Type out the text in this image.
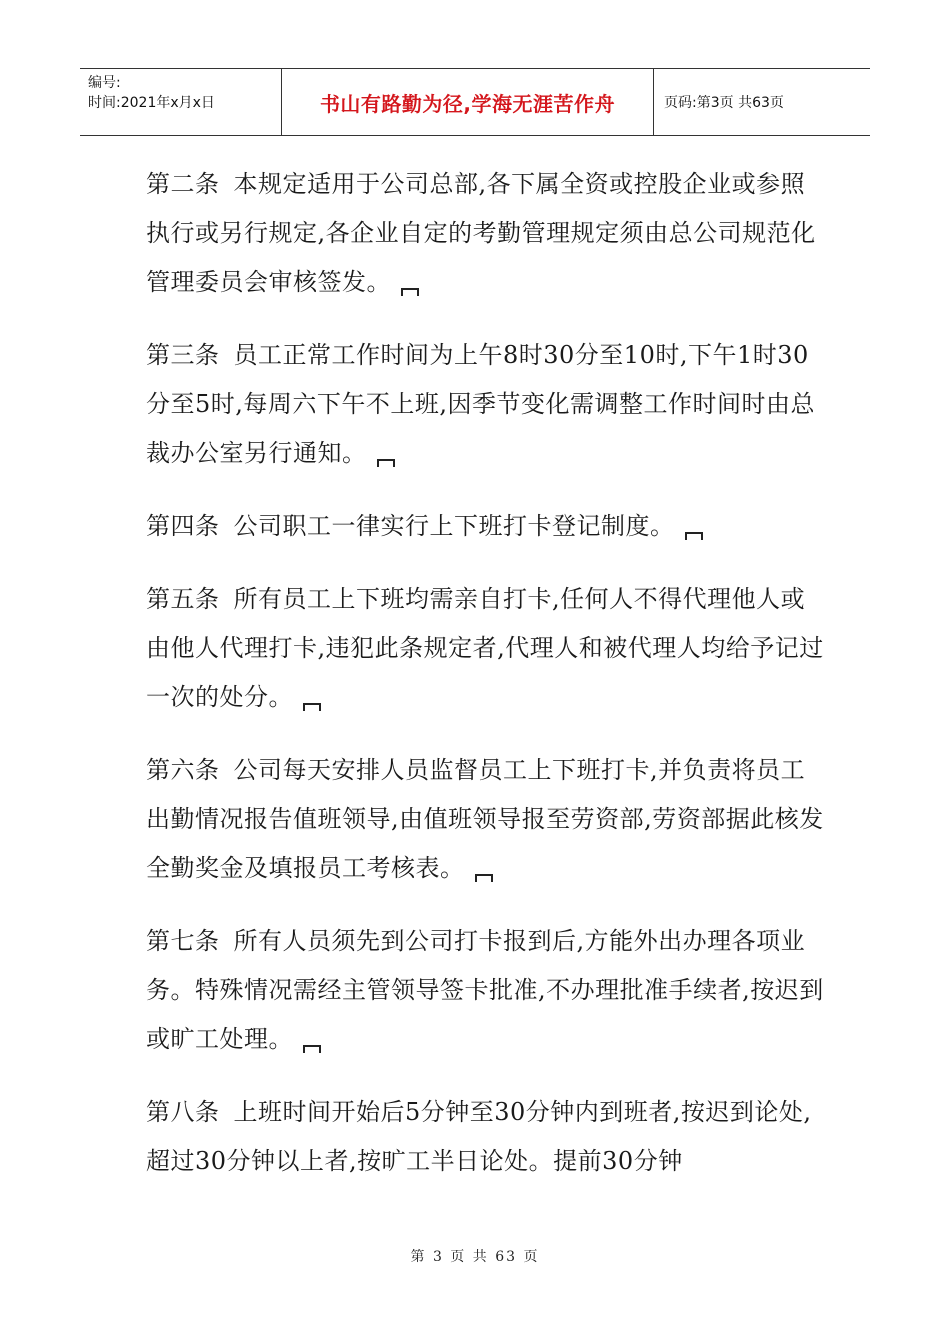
编号:
时间:2021年x月x日	书山有路勤为径,学海无涯苦作舟	页码:第3页 共63页

第二条 本规定适用于公司总部,各下属全资或控股企业或参照执行或另行规定,各企业自定的考勤管理规定须由总公司规范化管理委员会审核签发。

第三条 员工正常工作时间为上午8时30分至10时,下午1时30分至5时,每周六下午不上班,因季节变化需调整工作时间时由总裁办公室另行通知。

第四条 公司职工一律实行上下班打卡登记制度。

第五条 所有员工上下班均需亲自打卡,任何人不得代理他人或由他人代理打卡,违犯此条规定者,代理人和被代理人均给予记过一次的处分。

第六条 公司每天安排人员监督员工上下班打卡,并负责将员工出勤情况报告值班领导,由值班领导报至劳资部,劳资部据此核发全勤奖金及填报员工考核表。

第七条 所有人员须先到公司打卡报到后,方能外出办理各项业务。特殊情况需经主管领导签卡批准,不办理批准手续者,按迟到或旷工处理。

第八条 上班时间开始后5分钟至30分钟内到班者,按迟到论处,超过30分钟以上者,按旷工半日论处。提前30分钟

第 3 页 共 63 页
